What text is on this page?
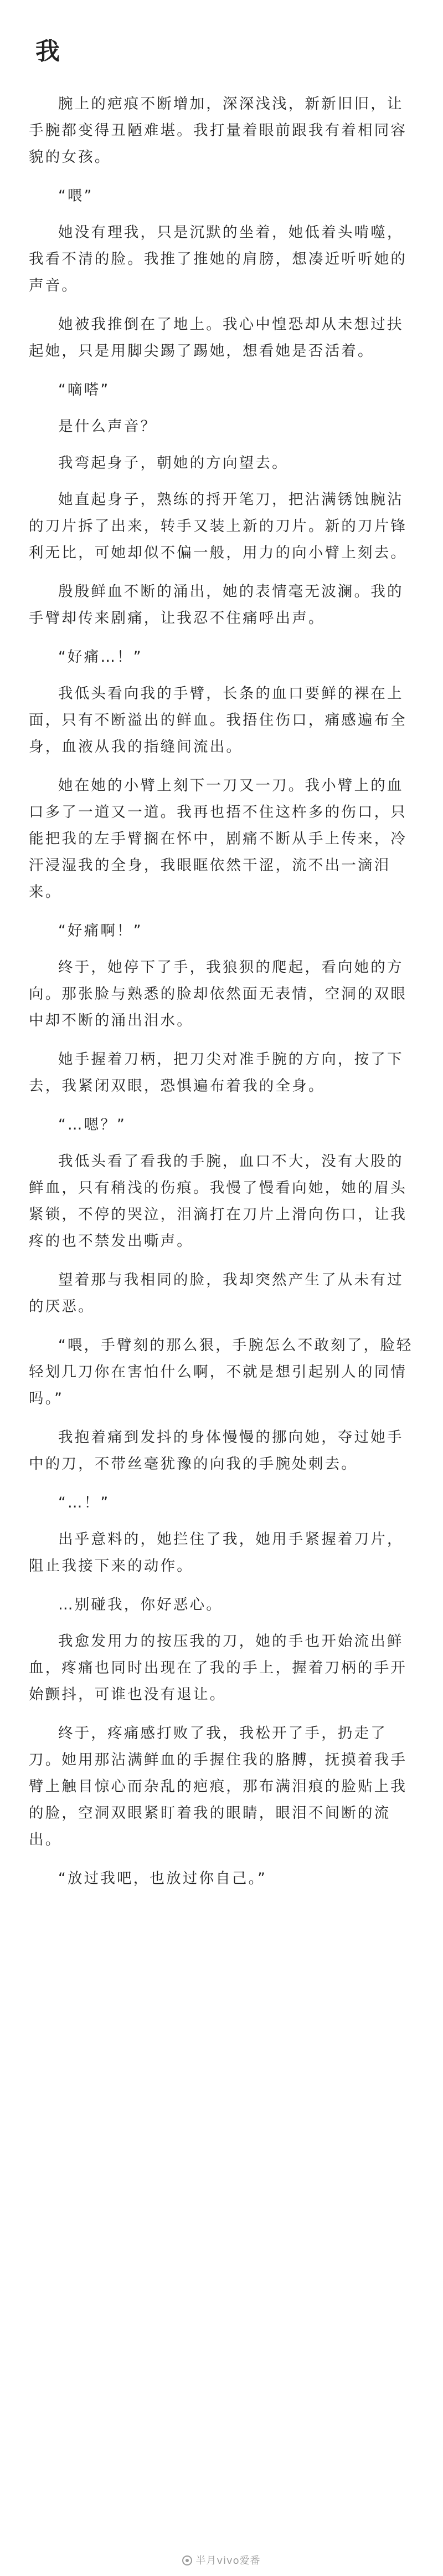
我

腕上的疤痕不断增加，深深浅浅，新新旧旧，让手腕都变得丑陋难堪。我打量着眼前跟我有着相同容貌的女孩。

“喂”

她没有理我，只是沉默的坐着，她低着头啃噬，我看不清的脸。我推了推她的肩膀，想凑近听听她的声音。

她被我推倒在了地上。我心中惶恐却从未想过扶起她，只是用脚尖踢了踢她，想看她是否活着。

“嘀嗒”

是什么声音？

我弯起身子，朝她的方向望去。

她直起身子，熟练的捋开笔刀，把沾满锈蚀腕沾的刀片拆了出来，转手又装上新的刀片。新的刀片锋利无比，可她却似不偏一般，用力的向小臂上刻去。

殷殷鲜血不断的涌出，她的表情毫无波澜。我的手臂却传来剧痛，让我忍不住痛呼出声。

“好痛…！”

我低头看向我的手臂，长条的血口要鲜的裸在上面，只有不断溢出的鲜血。我捂住伤口，痛感遍布全身，血液从我的指缝间流出。

她在她的小臂上刻下一刀又一刀。我小臂上的血口多了一道又一道。我再也捂不住这杵多的伤口，只能把我的左手臂搁在怀中，剧痛不断从手上传来，冷汗浸湿我的全身，我眼眶依然干涩，流不出一滴泪来。

“好痛啊！”

终于，她停下了手，我狼狈的爬起，看向她的方向。那张脸与熟悉的脸却依然面无表情，空洞的双眼中却不断的涌出泪水。

她手握着刀柄，把刀尖对准手腕的方向，按了下去，我紧闭双眼，恐惧遍布着我的全身。

“…嗯？”

我低头看了看我的手腕，血口不大，没有大股的鲜血，只有稍浅的伤痕。我慢了慢看向她，她的眉头紧锁，不停的哭泣，泪滴打在刀片上滑向伤口，让我疼的也不禁发出嘶声。

望着那与我相同的脸，我却突然产生了从未有过的厌恶。

“喂，手臂刻的那么狠，手腕怎么不敢刻了，脸轻轻划几刀你在害怕什么啊，不就是想引起别人的同情吗。”

我抱着痛到发抖的身体慢慢的挪向她，夺过她手中的刀，不带丝毫犹豫的向我的手腕处刺去。

“…！”

出乎意料的，她拦住了我，她用手紧握着刀片，阻止我接下来的动作。

…别碰我，你好恶心。

我愈发用力的按压我的刀，她的手也开始流出鲜血，疼痛也同时出现在了我的手上，握着刀柄的手开始颤抖，可谁也没有退让。

终于，疼痛感打败了我，我松开了手，扔走了刀。她用那沾满鲜血的手握住我的胳膊，抚摸着我手臂上触目惊心而杂乱的疤痕，那布满泪痕的脸贴上我的脸，空洞双眼紧盯着我的眼睛，眼泪不间断的流出。

“放过我吧，也放过你自己。”

半月vivo爱番
